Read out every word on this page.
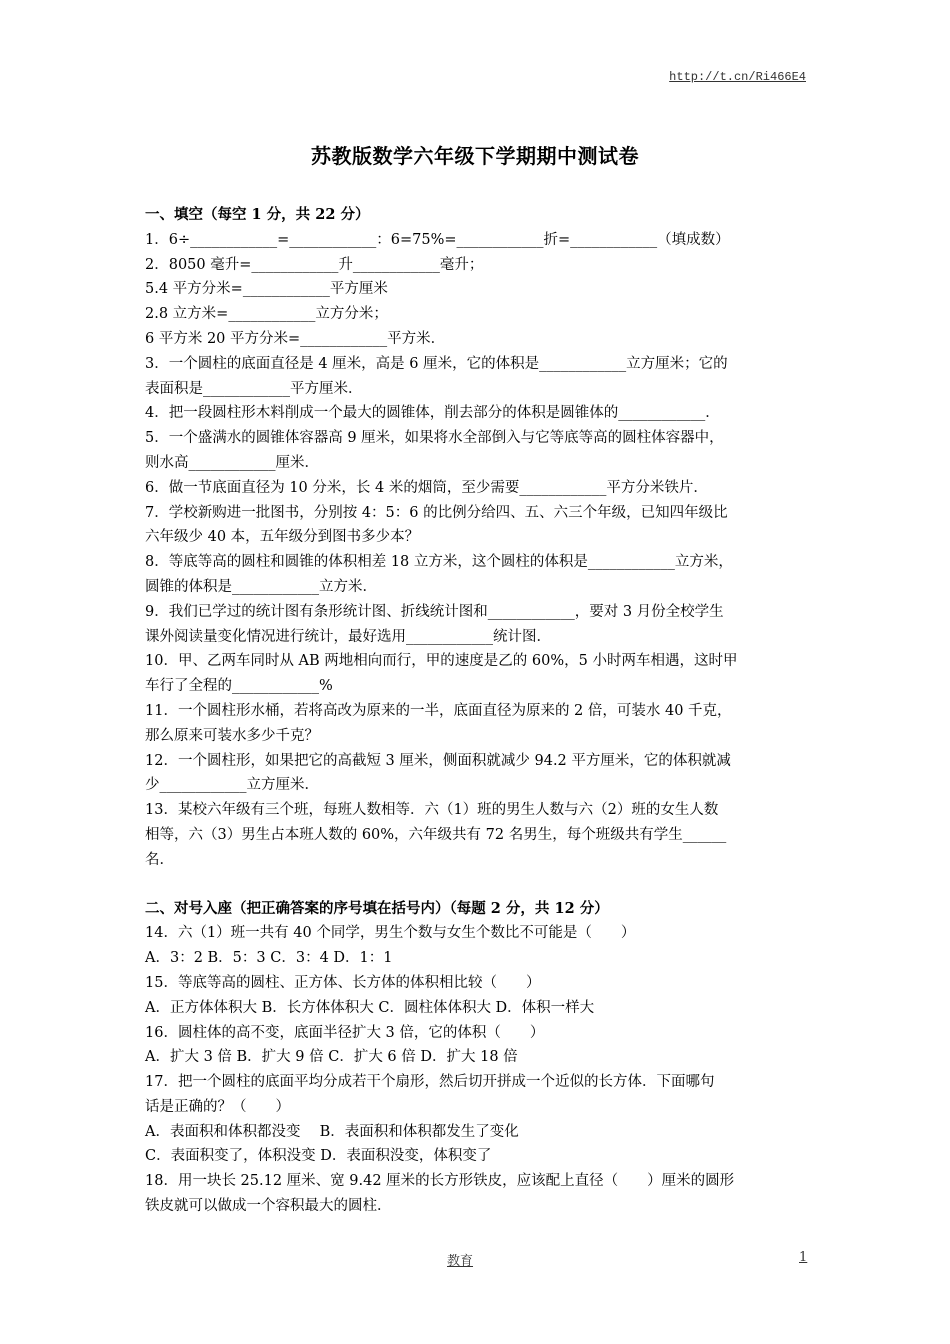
http://t.cn/Ri466E4
苏教版数学六年级下学期期中测试卷
一、填空（每空 1 分，共 22 分）
1．6÷____________=____________：6=75%=____________折=____________（填成数）
2．8050 毫升=____________升____________毫升；
5.4 平方分米=____________平方厘米
2.8 立方米=____________立方分米；
6 平方米 20 平方分米=____________平方米．
3．一个圆柱的底面直径是 4 厘米，高是 6 厘米，它的体积是____________立方厘米；它的
表面积是____________平方厘米．
4．把一段圆柱形木料削成一个最大的圆锥体，削去部分的体积是圆锥体的____________．
5．一个盛满水的圆锥体容器高 9 厘米，如果将水全部倒入与它等底等高的圆柱体容器中，
则水高____________厘米．
6．做一节底面直径为 10 分米，长 4 米的烟筒，至少需要____________平方分米铁片．
7．学校新购进一批图书，分别按 4：5：6 的比例分给四、五、六三个年级，已知四年级比
六年级少 40 本，五年级分到图书多少本？
8．等底等高的圆柱和圆锥的体积相差 18 立方米，这个圆柱的体积是____________立方米，
圆锥的体积是____________立方米．
9．我们已学过的统计图有条形统计图、折线统计图和____________，要对 3 月份全校学生
课外阅读量变化情况进行统计，最好选用____________统计图．
10．甲、乙两车同时从 AB 两地相向而行，甲的速度是乙的 60%，5 小时两车相遇，这时甲
车行了全程的____________%
11．一个圆柱形水桶，若将高改为原来的一半，底面直径为原来的 2 倍，可装水 40 千克，
那么原来可装水多少千克？
12．一个圆柱形，如果把它的高截短 3 厘米，侧面积就减少 94.2 平方厘米，它的体积就减
少____________立方厘米．
13．某校六年级有三个班，每班人数相等．六（1）班的男生人数与六（2）班的女生人数
相等，六（3）男生占本班人数的 60%，六年级共有 72 名男生，每个班级共有学生______
名．
二、对号入座（把正确答案的序号填在括号内）（每题 2 分，共 12 分）
14．六（1）班一共有 40 个同学，男生个数与女生个数比不可能是（　　）
A．3：2 B．5：3 C．3：4 D．1：1
15．等底等高的圆柱、正方体、长方体的体积相比较（　　）
A．正方体体积大 B．长方体体积大 C．圆柱体体积大 D．体积一样大
16．圆柱体的高不变，底面半径扩大 3 倍，它的体积（　　）
A．扩大 3 倍 B．扩大 9 倍 C．扩大 6 倍 D．扩大 18 倍
17．把一个圆柱的底面平均分成若干个扇形，然后切开拼成一个近似的长方体．下面哪句
话是正确的？（　　）
A．表面积和体积都没变　 B．表面积和体积都发生了变化
C．表面积变了，体积没变 D．表面积没变，体积变了
18．用一块长 25.12 厘米、宽 9.42 厘米的长方形铁皮，应该配上直径（　　）厘米的圆形
铁皮就可以做成一个容积最大的圆柱．
教育	1
